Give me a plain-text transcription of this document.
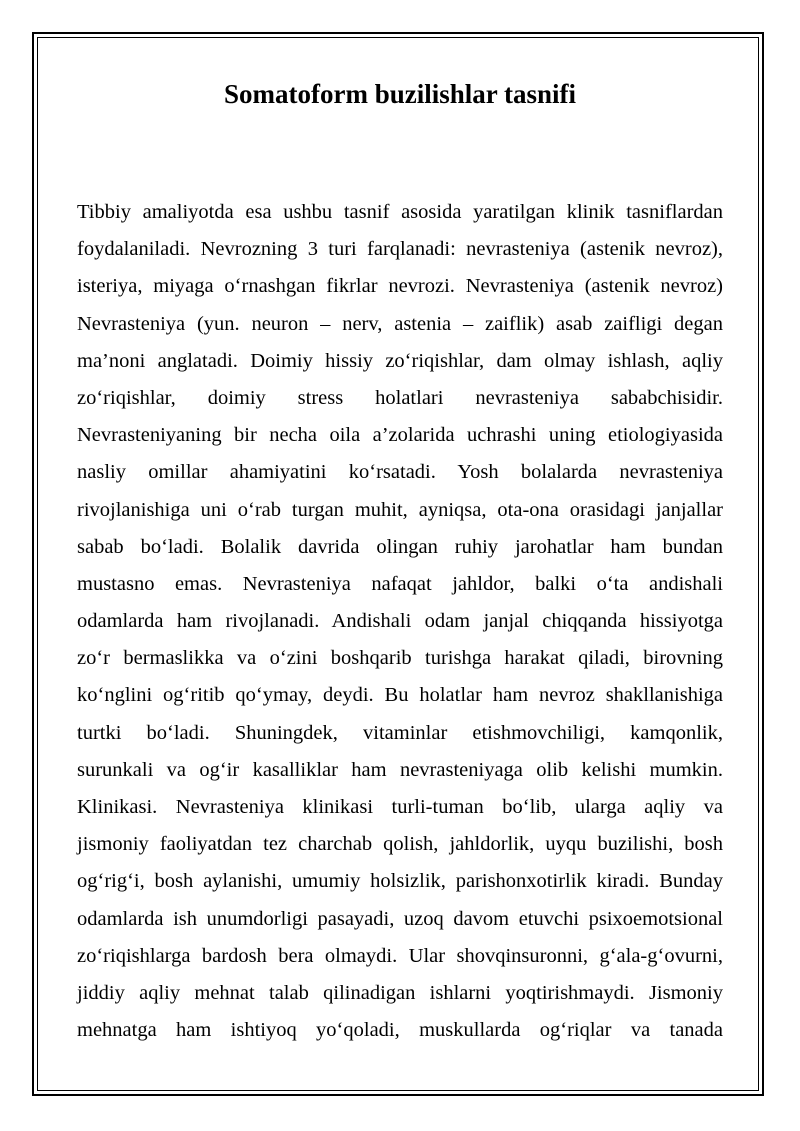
Somatoform buzilishlar tasnifi
Tibbiy amaliyotda esa ushbu tasnif asosida yaratilgan klinik tasniflardan
foydalaniladi. Nevrozning 3 turi farqlanadi: nevrasteniya (astenik nevroz),
isteriya, miyaga o‘rnashgan fikrlar nevrozi. Nevrasteniya (astenik nevroz)
Nevrasteniya (yun. neuron – nerv, astenia – zaiflik) asab zaifligi degan
ma’noni anglatadi. Doimiy hissiy zo‘riqishlar, dam olmay ishlash, aqliy
zo‘riqishlar, doimiy stress holatlari nevrasteniya sababchisidir.
Nevrasteniyaning bir necha oila a’zolarida uchrashi uning etiologiyasida
nasliy omillar ahamiyatini ko‘rsatadi. Yosh bolalarda nevrasteniya
rivojlanishiga uni o‘rab turgan muhit, ayniqsa, ota-ona orasidagi janjallar
sabab bo‘ladi. Bolalik davrida olingan ruhiy jarohatlar ham bundan
mustasno emas. Nevrasteniya nafaqat jahldor, balki o‘ta andishali
odamlarda ham rivojlanadi. Andishali odam janjal chiqqanda hissiyotga
zo‘r bermaslikka va o‘zini boshqarib turishga harakat qiladi, birovning
ko‘nglini og‘ritib qo‘ymay, deydi. Bu holatlar ham nevroz shakllanishiga
turtki bo‘ladi. Shuningdek, vitaminlar etishmovchiligi, kamqonlik,
surunkali va og‘ir kasalliklar ham nevrasteniyaga olib kelishi mumkin.
Klinikasi. Nevrasteniya klinikasi turli-tuman bo‘lib, ularga aqliy va
jismoniy faoliyatdan tez charchab qolish, jahldorlik, uyqu buzilishi, bosh
og‘rig‘i, bosh aylanishi, umumiy holsizlik, parishonxotirlik kiradi. Bunday
odamlarda ish unumdorligi pasayadi, uzoq davom etuvchi psixoemotsional
zo‘riqishlarga bardosh bera olmaydi. Ular shovqinsuronni, g‘ala-g‘ovurni,
jiddiy aqliy mehnat talab qilinadigan ishlarni yoqtirishmaydi. Jismoniy
mehnatga ham ishtiyoq yo‘qoladi, muskullarda og‘riqlar va tanada
